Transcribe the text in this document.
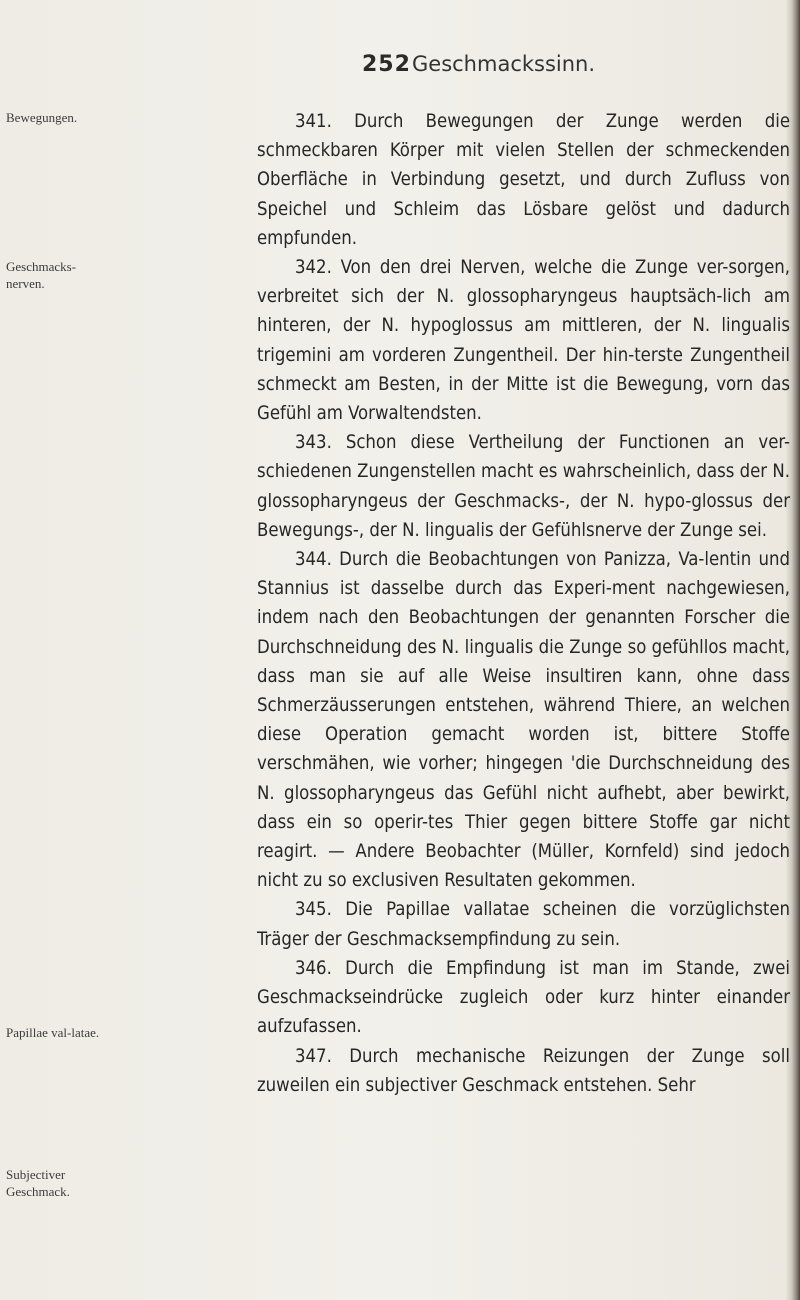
252 Geschmackssinn.
Bewegungen.
Geschmacks-nerven.
Papillae val-latae.
Subjectiver Geschmack.

341. Durch Bewegungen der Zunge werden die schmeckbaren Körper mit vielen Stellen der schmeckenden Oberfläche in Verbindung gesetzt, und durch Zufluss von Speichel und Schleim das Lösbare gelöst und dadurch empfunden.

342. Von den drei Nerven, welche die Zunge ver-sorgen, verbreitet sich der N. glossopharyngeus hauptsäch-lich am hinteren, der N. hypoglossus am mittleren, der N. lingualis trigemini am vorderen Zungentheil. Der hin-terste Zungentheil schmeckt am Besten, in der Mitte ist die Bewegung, vorn das Gefühl am Vorwaltendsten.

343. Schon diese Vertheilung der Functionen an ver-schiedenen Zungenstellen macht es wahrscheinlich, dass der N. glossopharyngeus der Geschmacks-, der N. hypo-glossus der Bewegungs-, der N. lingualis der Gefühlsnerve der Zunge sei.

344. Durch die Beobachtungen von Panizza, Va-lentin und Stannius ist dasselbe durch das Experi-ment nachgewiesen, indem nach den Beobachtungen der genannten Forscher die Durchschneidung des N. lingualis die Zunge so gefühllos macht, dass man sie auf alle Weise insultiren kann, ohne dass Schmerzäusserungen entstehen, während Thiere, an welchen diese Operation gemacht worden ist, bittere Stoffe verschmähen, wie vorher; hingegen 'die Durchschneidung des N. glossopharyngeus das Gefühl nicht aufhebt, aber bewirkt, dass ein so operir-tes Thier gegen bittere Stoffe gar nicht reagirt. — Andere Beobachter (Müller, Kornfeld) sind jedoch nicht zu so exclusiven Resultaten gekommen.

345. Die Papillae vallatae scheinen die vorzüglichsten Träger der Geschmacksempfindung zu sein.

346. Durch die Empfindung ist man im Stande, zwei Geschmackseindrücke zugleich oder kurz hinter einander aufzufassen.

347. Durch mechanische Reizungen der Zunge soll zuweilen ein subjectiver Geschmack entstehen. Sehr
